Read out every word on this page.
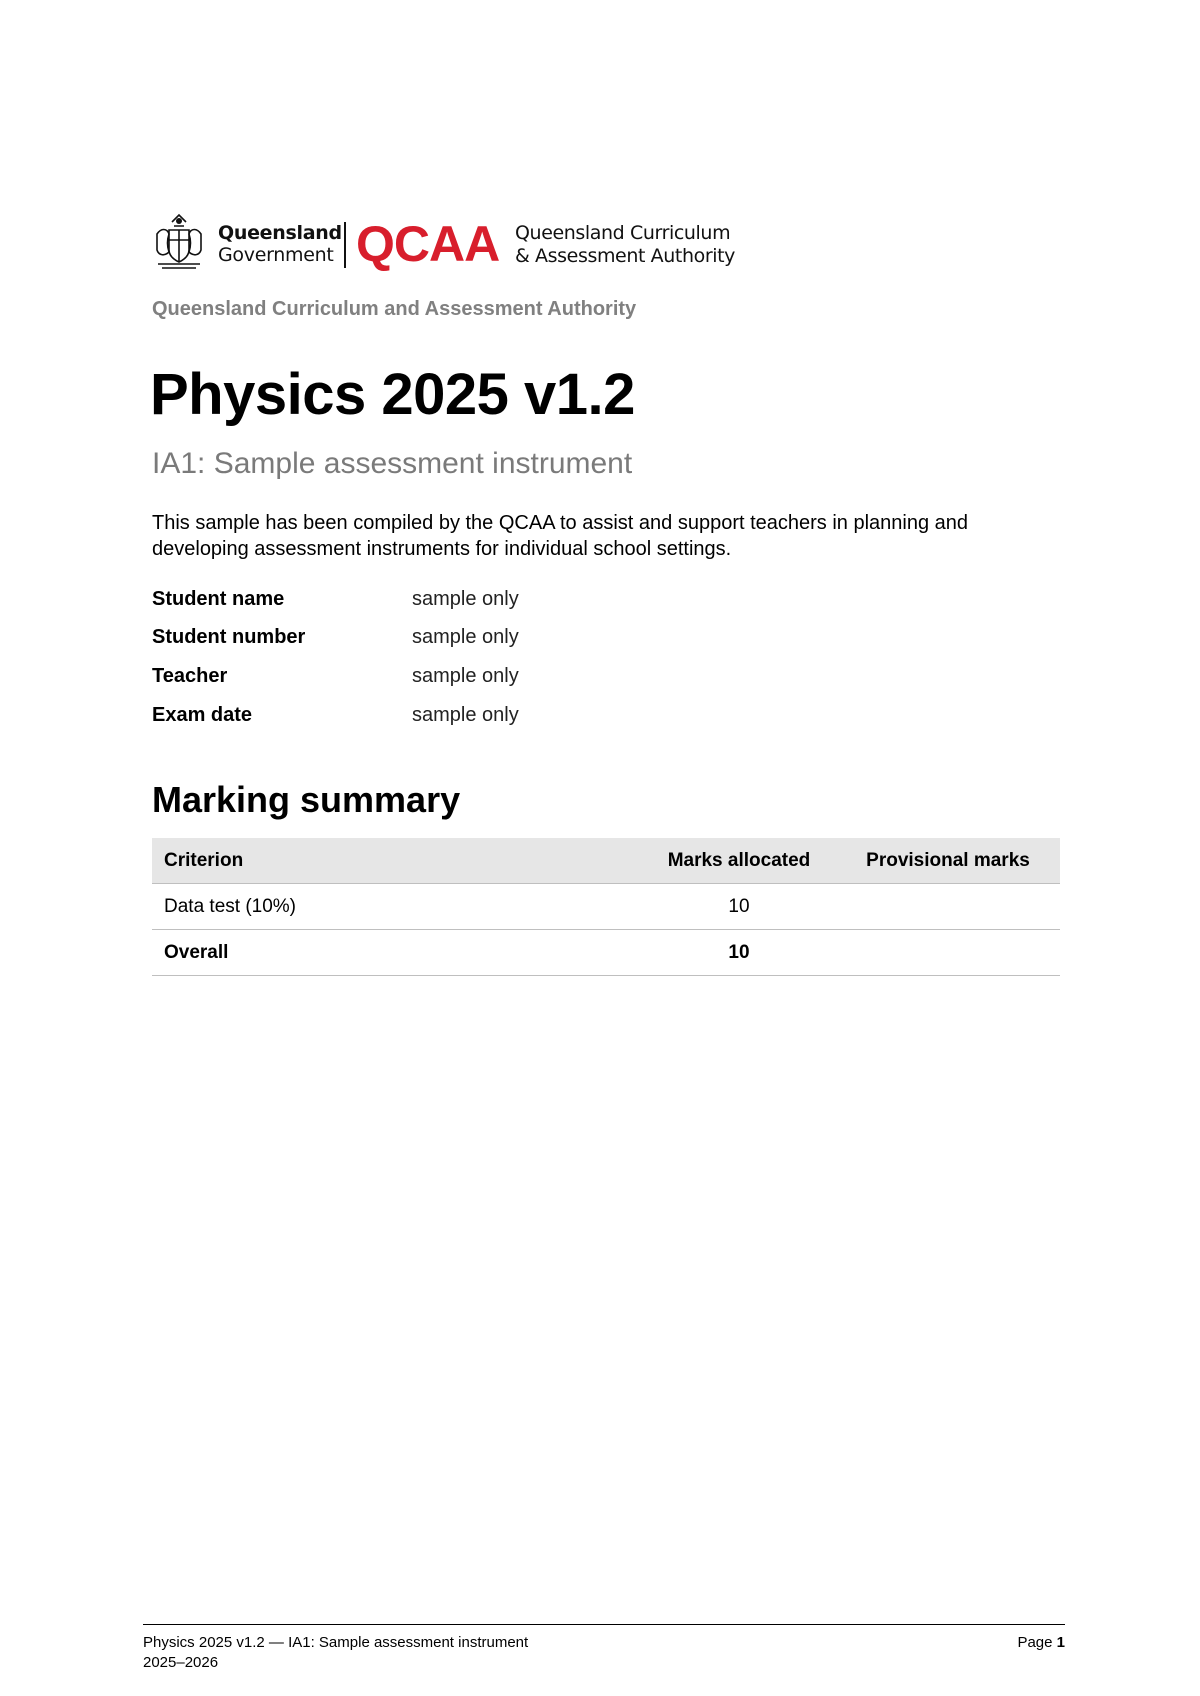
Queensland
Government QCAA Queensland Curriculum
& Assessment Authority
Queensland Curriculum and Assessment Authority
Physics 2025 v1.2
IA1: Sample assessment instrument
This sample has been compiled by the QCAA to assist and support teachers in planning and developing assessment instruments for individual school settings.
Student name	sample only
Student number	sample only
Teacher	sample only
Exam date	sample only
Marking summary
Criterion	Marks allocated	Provisional marks
Data test (10%)	10	
Overall	10	
Physics 2025 v1.2 — IA1: Sample assessment instrument
2025–2026
Page 1
